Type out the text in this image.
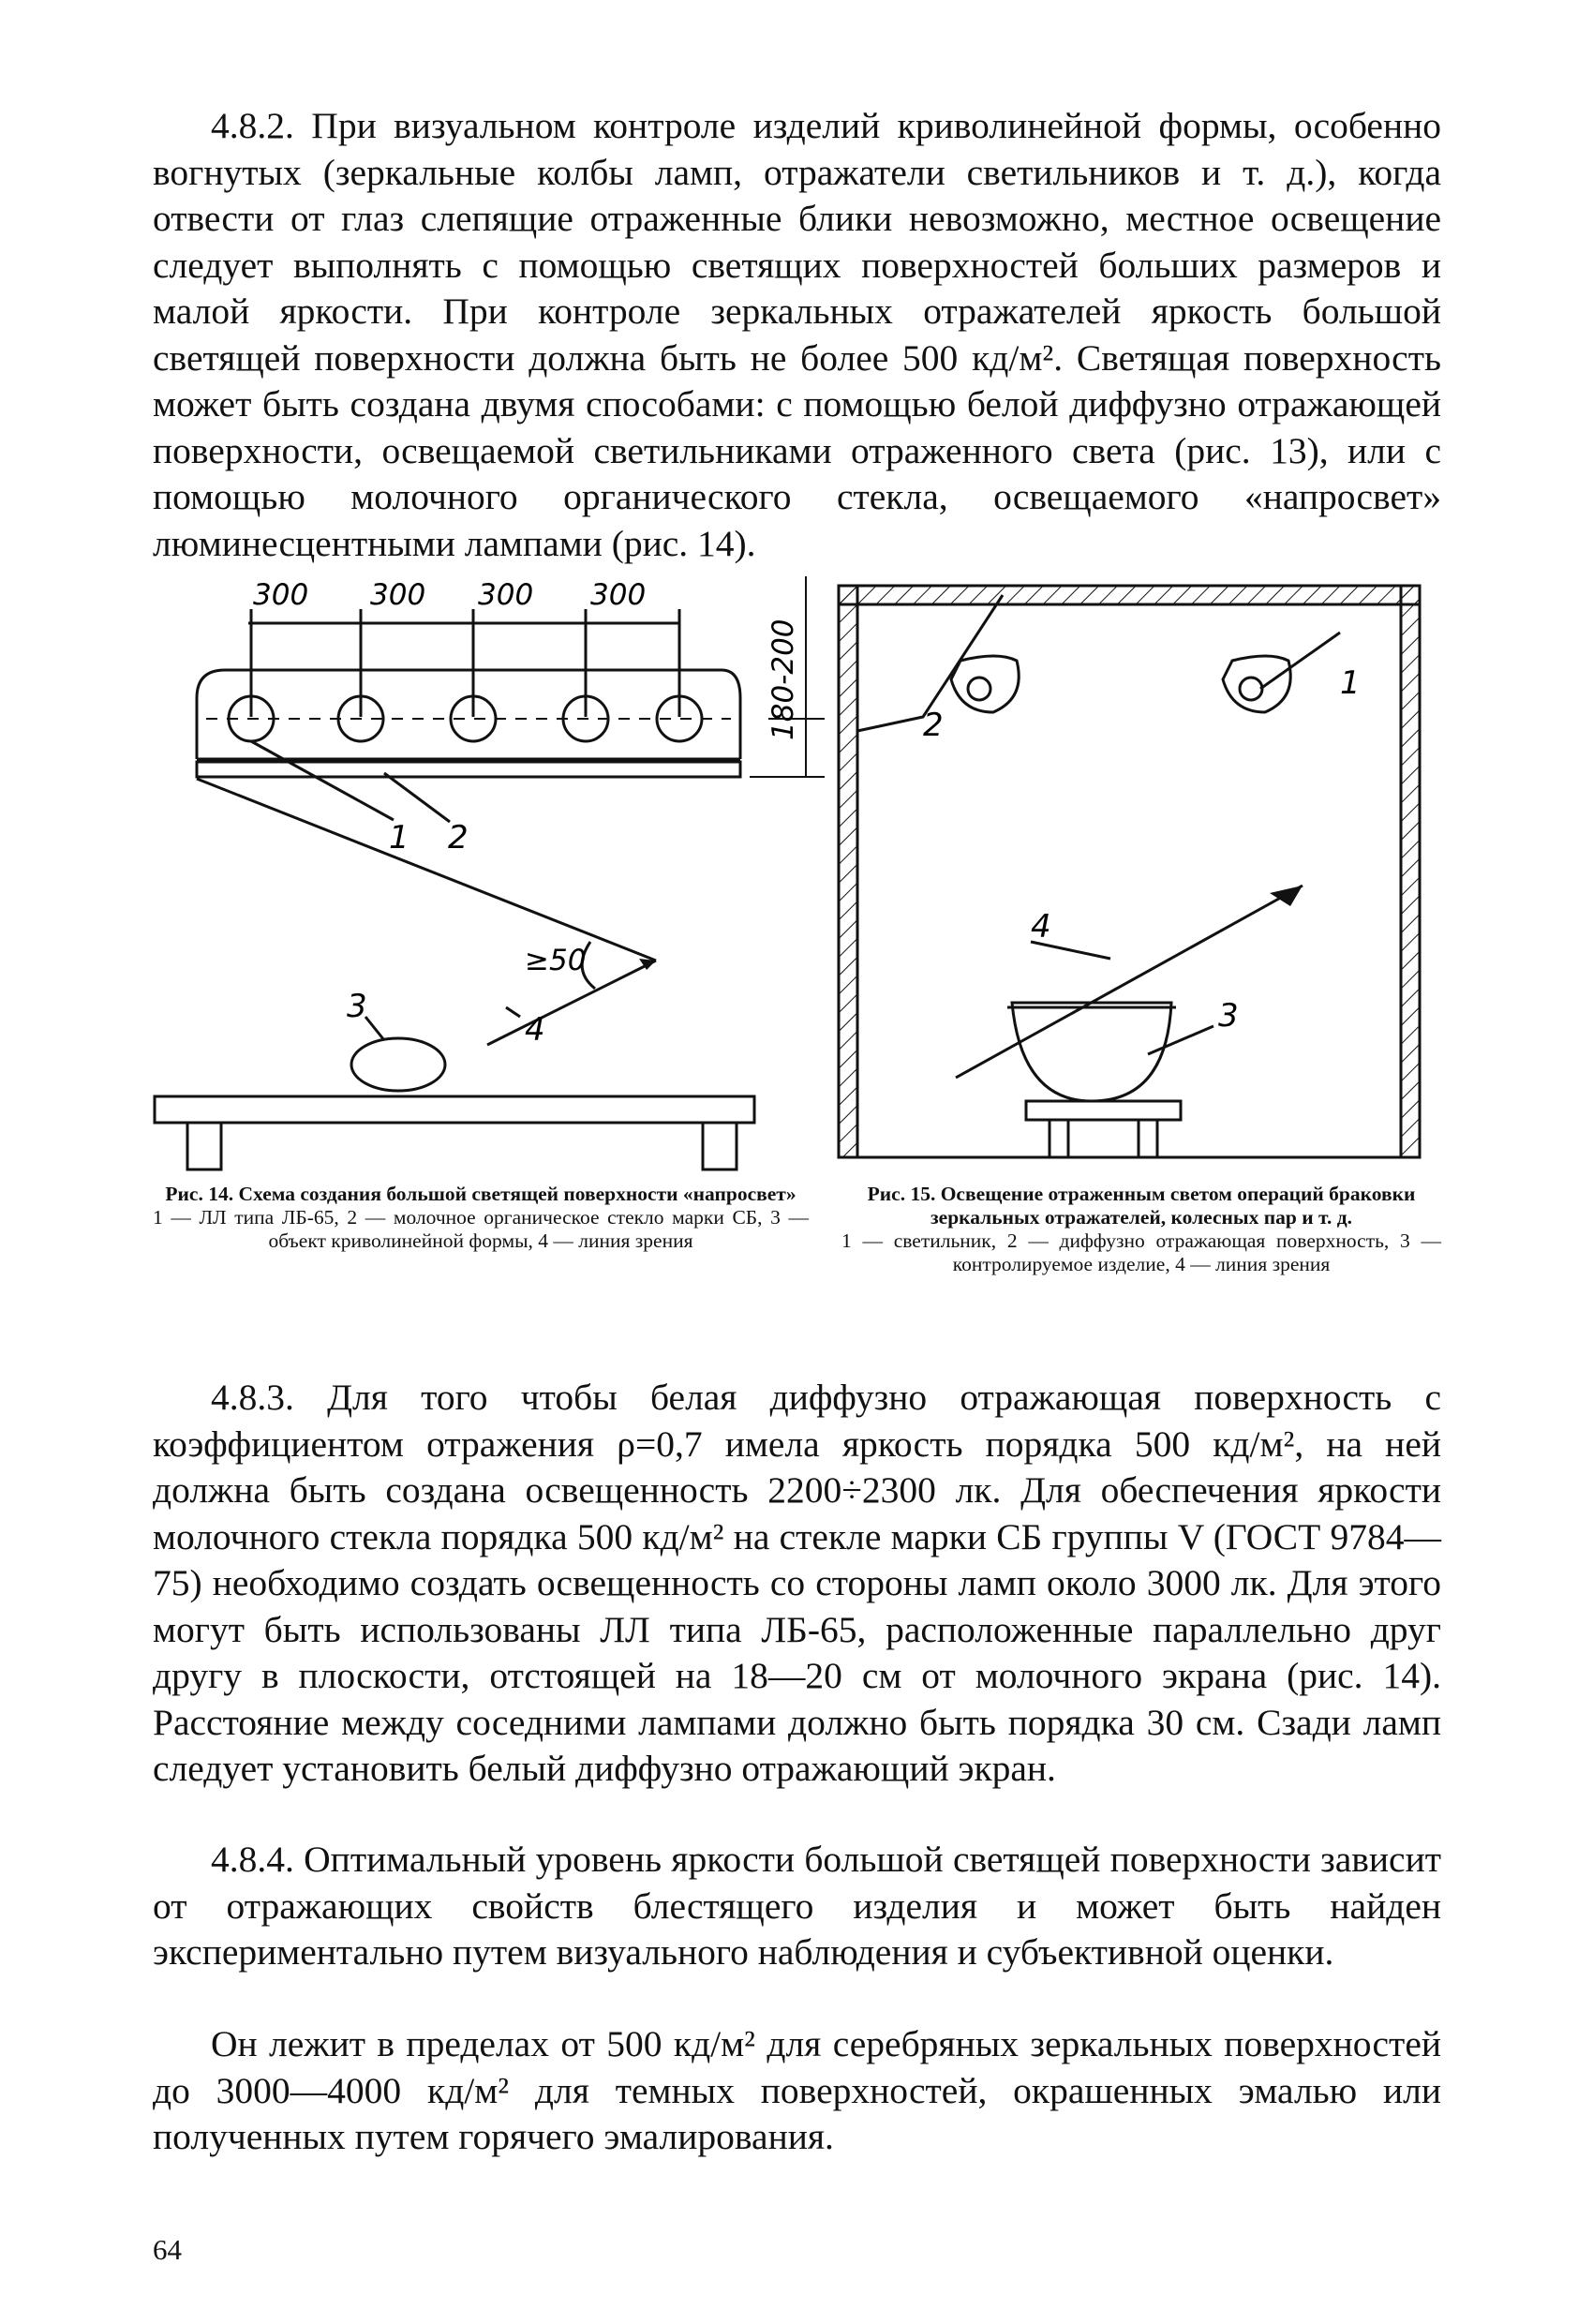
4.8.2. При визуальном контроле изделий криволинейной формы, особенно вогнутых (зеркальные колбы ламп, отражатели светильников и т. д.), когда отвести от глаз слепящие отраженные блики невозможно, местное освещение следует выполнять с помощью светящих поверхностей больших размеров и малой яркости. При контроле зеркальных отражателей яркость большой светящей поверхности должна быть не более 500 кд/м². Светящая поверхность может быть создана двумя способами: с помощью белой диффузно отражающей поверхности, освещаемой светильниками отраженного света (рис. 13), или с помощью молочного органического стекла, освещаемого «напросвет» люминесцентными лампами (рис. 14).

300 300 300 300
180-200
≥50
1 2
3
4
1
2
3
4
Рис. 14. Схема создания большой светящей поверхности «напросвет»
1 — ЛЛ типа ЛБ-65, 2 — молочное органическое стекло марки СБ, 3 — объект криволинейной формы, 4 — линия зрения
Рис. 15. Освещение отраженным светом операций браковки зеркальных отражателей, колесных пар и т. д.
1 — светильник, 2 — диффузно отражающая поверхность, 3 — контролируемое изделие, 4 — линия зрения

4.8.3. Для того чтобы белая диффузно отражающая поверхность с коэффициентом отражения ρ=0,7 имела яркость порядка 500 кд/м², на ней должна быть создана освещенность 2200÷2300 лк. Для обеспечения яркости молочного стекла порядка 500 кд/м² на стекле марки СБ группы V (ГОСТ 9784—75) необходимо создать освещенность со стороны ламп около 3000 лк. Для этого могут быть использованы ЛЛ типа ЛБ-65, расположенные параллельно друг другу в плоскости, отстоящей на 18—20 см от молочного экрана (рис. 14). Расстояние между соседними лампами должно быть порядка 30 см. Сзади ламп следует установить белый диффузно отражающий экран.

4.8.4. Оптимальный уровень яркости большой светящей поверхности зависит от отражающих свойств блестящего изделия и может быть найден экспериментально путем визуального наблюдения и субъективной оценки.

Он лежит в пределах от 500 кд/м² для серебряных зеркальных поверхностей до 3000—4000 кд/м² для темных поверхностей, окрашенных эмалью или полученных путем горячего эмалирования.

64
